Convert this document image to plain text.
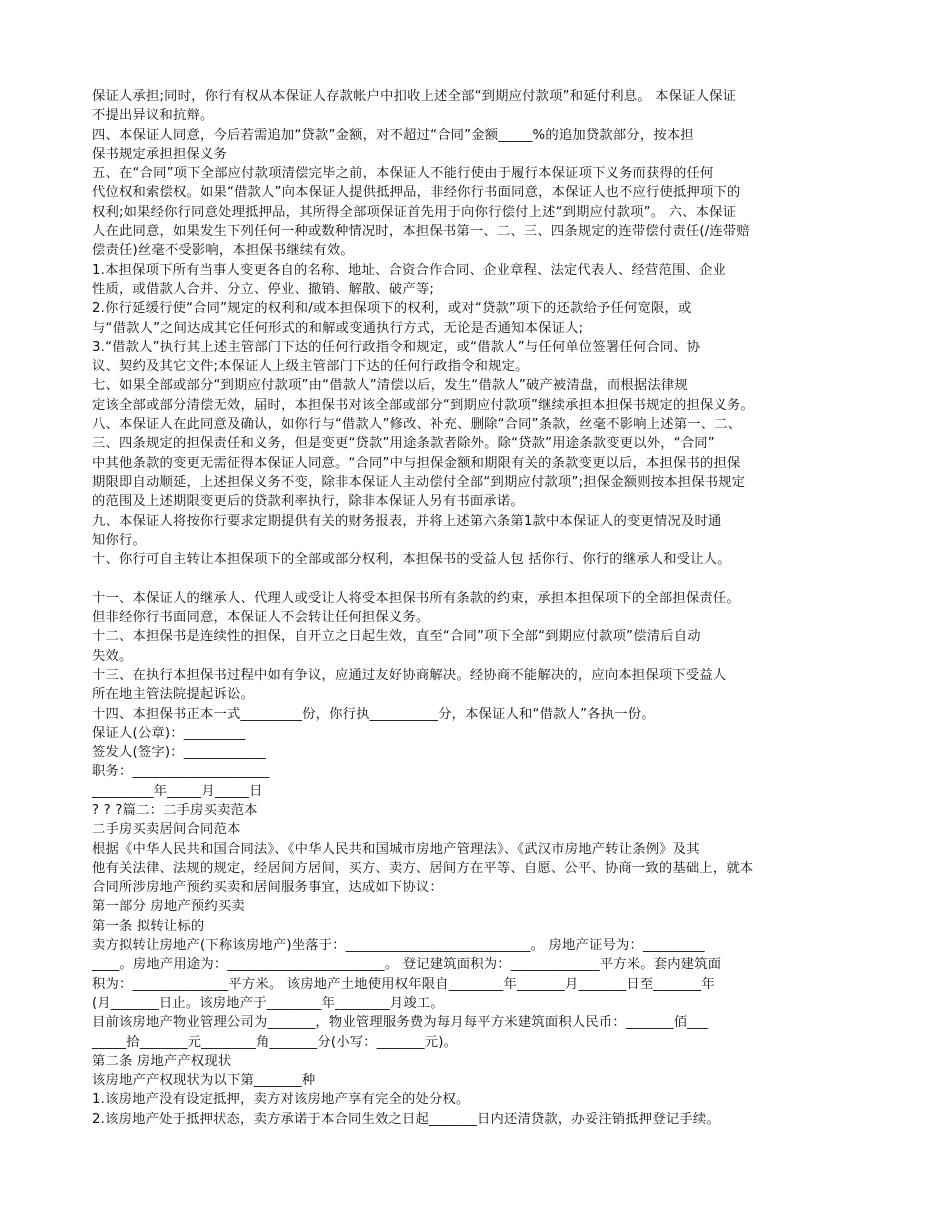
保证人承担;同时，你行有权从本保证人存款帐户中扣收上述全部“到期应付款项”和延付利息。 本保证人保证
不提出异议和抗辩。
四、本保证人同意，今后若需追加“贷款”金额，对不超过“合同”金额_____%的追加贷款部分，按本担
保书规定承担担保义务
五、在“合同”项下全部应付款项清偿完毕之前，本保证人不能行使由于履行本保证项下义务而获得的任何
代位权和索偿权。如果“借款人”向本保证人提供抵押品，非经你行书面同意，本保证人也不应行使抵押项下的
权利;如果经你行同意处理抵押品，其所得全部项保证首先用于向你行偿付上述“到期应付款项”。 六、本保证
人在此同意，如果发生下列任何一种或数种情况时，本担保书第一、二、三、四条规定的连带偿付责任(/连带赔
偿责任)丝毫不受影响，本担保书继续有效。
1.本担保项下所有当事人变更各自的名称、地址、合资合作合同、企业章程、法定代表人、经营范围、企业
性质，或借款人合并、分立、停业、撤销、解散、破产等;
2.你行延缓行使“合同”规定的权利和/或本担保项下的权利，或对“贷款”项下的还款给予任何宽限，或
与“借款人”之间达成其它任何形式的和解或变通执行方式，无论是否通知本保证人;
3.“借款人”执行其上述主管部门下达的任何行政指令和规定，或“借款人”与任何单位签署任何合同、协
议、契约及其它文件;本保证人上级主管部门下达的任何行政指令和规定。
七、如果全部或部分“到期应付款项”由“借款人”清偿以后，发生“借款人”破产被清盘，而根据法律规
定该全部或部分清偿无效，届时，本担保书对该全部或部分“到期应付款项”继续承担本担保书规定的担保义务。
八、本保证人在此同意及确认，如你行与“借款人”修改、补充、删除“合同”条款，丝毫不影响上述第一、二、
三、四条规定的担保责任和义务，但是变更“贷款”用途条款者除外。除“贷款”用途条款变更以外，“合同”
中其他条款的变更无需征得本保证人同意。“合同”中与担保金额和期限有关的条款变更以后，本担保书的担保
期限即自动顺延，上述担保义务不变，除非本保证人主动偿付全部“到期应付款项”;担保金额则按本担保书规定
的范围及上述期限变更后的贷款利率执行，除非本保证人另有书面承诺。
九、本保证人将按你行要求定期提供有关的财务报表，并将上述第六条第1款中本保证人的变更情况及时通
知你行。
十、你行可自主转让本担保项下的全部或部分权利，本担保书的受益人包 括你行、你行的继承人和受让人。
十一、本保证人的继承人、代理人或受让人将受本担保书所有条款的约束，承担本担保项下的全部担保责任。
但非经你行书面同意，本保证人不会转让任何担保义务。
十二、本担保书是连续性的担保，自开立之日起生效，直至“合同”项下全部“到期应付款项”偿清后自动
失效。
十三、在执行本担保书过程中如有争议，应通过友好协商解决。经协商不能解决的，应向本担保项下受益人
所在地主管法院提起诉讼。
十四、本担保书正本一式_________份，你行执__________分，本保证人和“借款人”各执一份。
保证人(公章)：_________
签发人(签字)：____________
职务：____________________
_________年_____月_____日
? ? ?篇二：二手房买卖范本
二手房买卖居间合同范本
根据《中华人民共和国合同法》、《中华人民共和国城市房地产管理法》、《武汉市房地产转让条例》及其
他有关法律、法规的规定，经居间方居间，买方、卖方、居间方在平等、自愿、公平、协商一致的基础上，就本
合同所涉房地产预约买卖和居间服务事宜，达成如下协议：
第一部分 房地产预约买卖
第一条 拟转让标的
卖方拟转让房地产(下称该房地产)坐落于：___________________________。 房地产证号为：_________
____。房地产用途为：_______________________。 登记建筑面积为：_____________平方米。套内建筑面
积为：______________平方米。 该房地产土地使用权年限自________年_______月_______日至_______年
(月_______日止。该房地产于________年________月竣工。
目前该房地产物业管理公司为_______，物业管理服务费为每月每平方米建筑面积人民币：_______佰___
_____拾_______元________角_______分(小写：_______元)。
第二条 房地产产权现状
该房地产产权现状为以下第_______种
1.该房地产没有设定抵押，卖方对该房地产享有完全的处分权。
2.该房地产处于抵押状态，卖方承诺于本合同生效之日起_______日内还清贷款，办妥注销抵押登记手续。
